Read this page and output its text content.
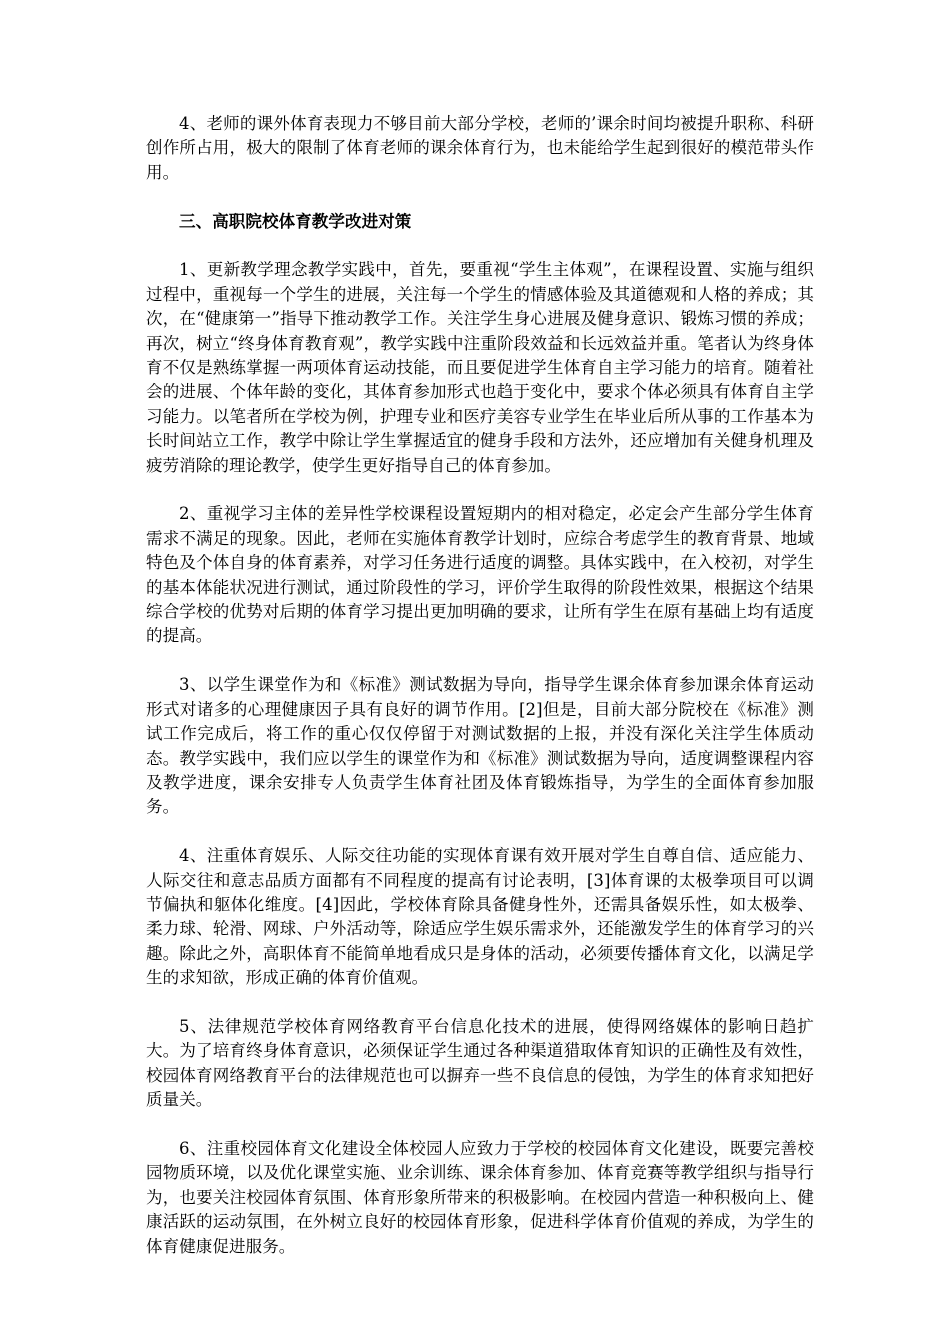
4、老师的课外体育表现力不够目前大部分学校，老师的’课余时间均被提升职称、科研创作所占用，极大的限制了体育老师的课余体育行为，也未能给学生起到很好的模范带头作用。

三、高职院校体育教学改进对策

1、更新教学理念教学实践中，首先，要重视“学生主体观”，在课程设置、实施与组织过程中，重视每一个学生的进展，关注每一个学生的情感体验及其道德观和人格的养成；其次，在“健康第一”指导下推动教学工作。关注学生身心进展及健身意识、锻炼习惯的养成；再次，树立“终身体育教育观”，教学实践中注重阶段效益和长远效益并重。笔者认为终身体育不仅是熟练掌握一两项体育运动技能，而且要促进学生体育自主学习能力的培育。随着社会的进展、个体年龄的变化，其体育参加形式也趋于变化中，要求个体必须具有体育自主学习能力。以笔者所在学校为例，护理专业和医疗美容专业学生在毕业后所从事的工作基本为长时间站立工作，教学中除让学生掌握适宜的健身手段和方法外，还应增加有关健身机理及疲劳消除的理论教学，使学生更好指导自己的体育参加。

2、重视学习主体的差异性学校课程设置短期内的相对稳定，必定会产生部分学生体育需求不满足的现象。因此，老师在实施体育教学计划时，应综合考虑学生的教育背景、地域特色及个体自身的体育素养，对学习任务进行适度的调整。具体实践中，在入校初，对学生的基本体能状况进行测试，通过阶段性的学习，评价学生取得的阶段性效果，根据这个结果综合学校的优势对后期的体育学习提出更加明确的要求，让所有学生在原有基础上均有适度的提高。

3、以学生课堂作为和《标准》测试数据为导向，指导学生课余体育参加课余体育运动形式对诸多的心理健康因子具有良好的调节作用。[2]但是，目前大部分院校在《标准》测试工作完成后，将工作的重心仅仅停留于对测试数据的上报，并没有深化关注学生体质动态。教学实践中，我们应以学生的课堂作为和《标准》测试数据为导向，适度调整课程内容及教学进度，课余安排专人负责学生体育社团及体育锻炼指导，为学生的全面体育参加服务。

4、注重体育娱乐、人际交往功能的实现体育课有效开展对学生自尊自信、适应能力、人际交往和意志品质方面都有不同程度的提高有讨论表明，[3]体育课的太极拳项目可以调节偏执和躯体化维度。[4]因此，学校体育除具备健身性外，还需具备娱乐性，如太极拳、柔力球、轮滑、网球、户外活动等，除适应学生娱乐需求外，还能激发学生的体育学习的兴趣。除此之外，高职体育不能简单地看成只是身体的活动，必须要传播体育文化，以满足学生的求知欲，形成正确的体育价值观。

5、法律规范学校体育网络教育平台信息化技术的进展，使得网络媒体的影响日趋扩大。为了培育终身体育意识，必须保证学生通过各种渠道猎取体育知识的正确性及有效性，校园体育网络教育平台的法律规范也可以摒弃一些不良信息的侵蚀，为学生的体育求知把好质量关。

6、注重校园体育文化建设全体校园人应致力于学校的校园体育文化建设，既要完善校园物质环境，以及优化课堂实施、业余训练、课余体育参加、体育竞赛等教学组织与指导行为，也要关注校园体育氛围、体育形象所带来的积极影响。在校园内营造一种积极向上、健康活跃的运动氛围，在外树立良好的校园体育形象，促进科学体育价值观的养成，为学生的体育健康促进服务。
